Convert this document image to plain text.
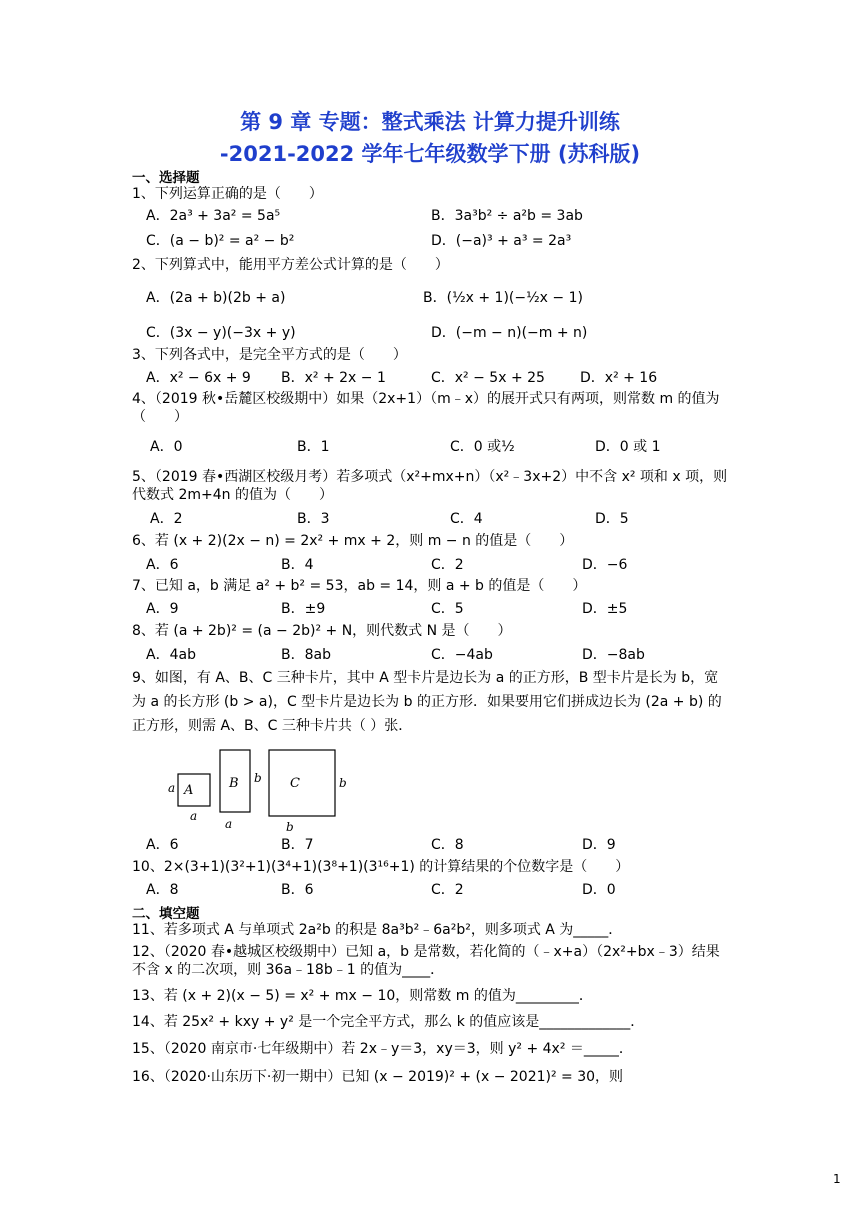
第 9 章 专题：整式乘法 计算力提升训练
-2021-2022 学年七年级数学下册 (苏科版)
一、选择题
1、下列运算正确的是（　　）
A．2a³ + 3a² = 5a⁵	B．3a³b² ÷ a²b = 3ab
C．(a − b)² = a² − b²	D．(−a)³ + a³ = 2a³
2、下列算式中，能用平方差公式计算的是（　　）
A．(2a + b)(2b + a)	B．(½x + 1)(−½x − 1)
C．(3x − y)(−3x + y)	D．(−m − n)(−m + n)
3、下列各式中，是完全平方式的是（　　）
A．x² − 6x + 9 B．x² + 2x − 1	C．x² − 5x + 25	D．x² + 16
4、（2019 秋•岳麓区校级期中）如果（2x+1）（m﹣x）的展开式只有两项，则常数 m 的值为（　　）
A．0	B．1	C．0 或½	D．0 或 1
5、（2019 春•西湖区校级月考）若多项式（x²+mx+n）（x²﹣3x+2）中不含 x² 项和 x 项，则代数式 2m+4n 的值为（　　）
A．2	B．3	C．4	D．5
6、若 (x + 2)(2x − n) = 2x² + mx + 2，则 m − n 的值是（　　）
A．6	B．4	C．2	D．−6
7、已知 a，b 满足 a² + b² = 53，ab = 14，则 a + b 的值是（　　）
A．9	B．±9	C．5	D．±5
8、若 (a + 2b)² = (a − 2b)² + N，则代数式 N 是（　　）
A．4ab	B．8ab	C．−4ab	D．−8ab
9、如图，有 A、B、C 三种卡片，其中 A 型卡片是边长为 a 的正方形，B 型卡片是长为 b，宽为 a 的长方形 (b > a)，C 型卡片是边长为 b 的正方形．如果要用它们拼成边长为 (2a + b) 的正方形，则需 A、B、C 三种卡片共（ ）张．
a A
a
B b
a
C	b
b
A．6	B．7	C．8	D．9
10、2×(3+1)(3²+1)(3⁴+1)(3⁸+1)(3¹⁶+1) 的计算结果的个位数字是（　　）
A．8	B．6	C．2	D．0
二、填空题
11、若多项式 A 与单项式 2a²b 的积是 8a³b²﹣6a²b²，则多项式 A 为_____．
12、（2020 春•越城区校级期中）已知 a，b 是常数，若化简的（﹣x+a）（2x²+bx﹣3）结果不含 x 的二次项，则 36a﹣18b﹣1 的值为____．
13、若 (x + 2)(x − 5) = x² + mx − 10，则常数 m 的值为_________．
14、若 25x² + kxy + y² 是一个完全平方式，那么 k 的值应该是_____________．
15、（2020 南京市·七年级期中）若 2x﹣y＝3，xy＝3，则 y² + 4x² ＝_____．
16、（2020·山东历下·初一期中）已知 (x − 2019)² + (x − 2021)² = 30，则
1
